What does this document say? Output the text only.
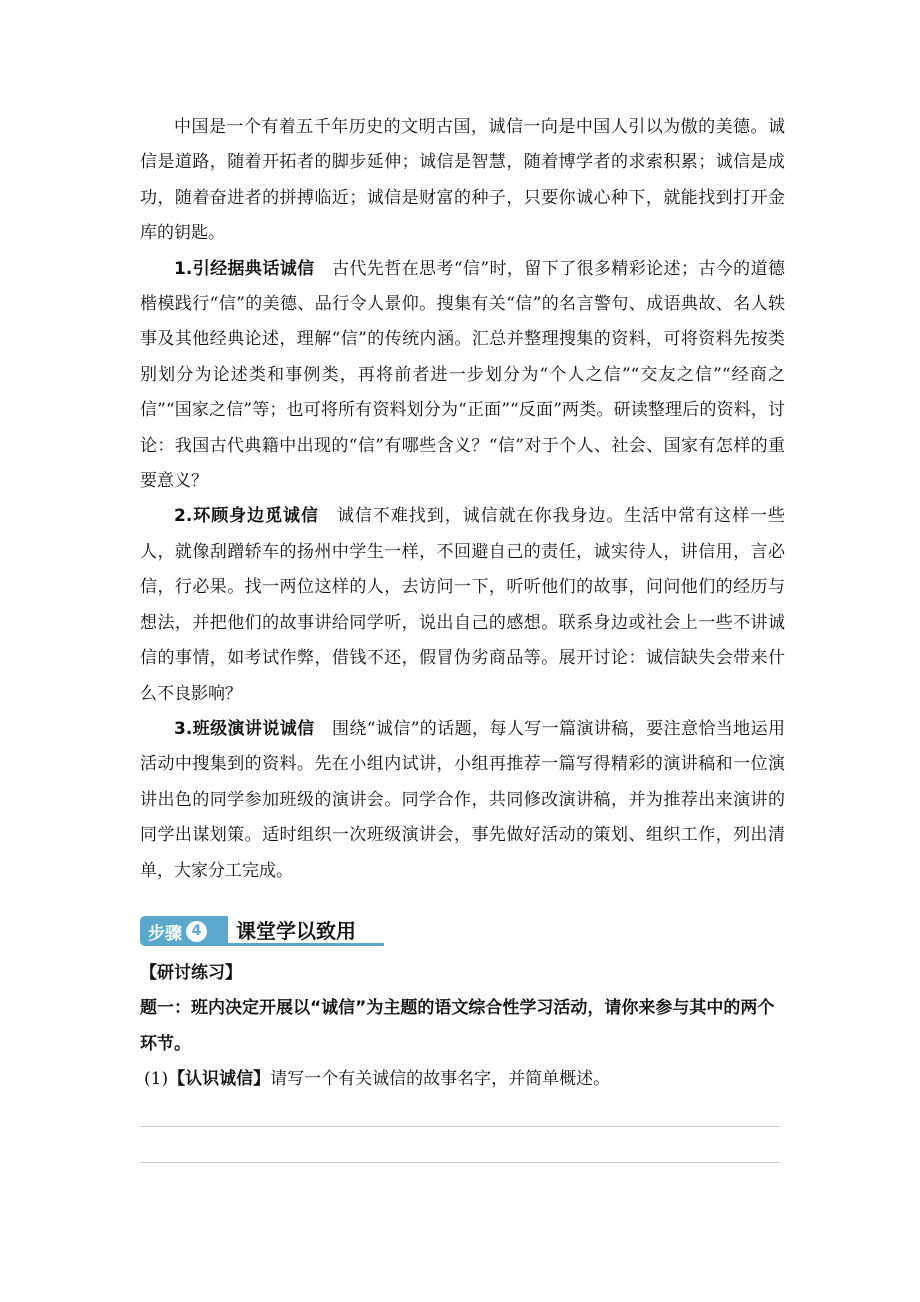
中国是一个有着五千年历史的文明古国，诚信一向是中国人引以为傲的美德。诚信是道路，随着开拓者的脚步延伸；诚信是智慧，随着博学者的求索积累；诚信是成功，随着奋进者的拼搏临近；诚信是财富的种子，只要你诚心种下，就能找到打开金库的钥匙。

1.引经据典话诚信 古代先哲在思考“信”时，留下了很多精彩论述；古今的道德楷模践行“信”的美德、品行令人景仰。搜集有关“信”的名言警句、成语典故、名人轶事及其他经典论述，理解“信”的传统内涵。汇总并整理搜集的资料，可将资料先按类别划分为论述类和事例类，再将前者进一步划分为“个人之信”“交友之信”“经商之信”“国家之信”等；也可将所有资料划分为“正面”“反面”两类。研读整理后的资料，讨论：我国古代典籍中出现的“信”有哪些含义？“信”对于个人、社会、国家有怎样的重要意义？

2.环顾身边觅诚信 诚信不难找到，诚信就在你我身边。生活中常有这样一些人，就像刮蹭轿车的扬州中学生一样，不回避自己的责任，诚实待人，讲信用，言必信，行必果。找一两位这样的人，去访问一下，听听他们的故事，问问他们的经历与想法，并把他们的故事讲给同学听，说出自己的感想。联系身边或社会上一些不讲诚信的事情，如考试作弊，借钱不还，假冒伪劣商品等。展开讨论：诚信缺失会带来什么不良影响？

3.班级演讲说诚信 围绕“诚信”的话题，每人写一篇演讲稿，要注意恰当地运用活动中搜集到的资料。先在小组内试讲，小组再推荐一篇写得精彩的演讲稿和一位演讲出色的同学参加班级的演讲会。同学合作，共同修改演讲稿，并为推荐出来演讲的同学出谋划策。适时组织一次班级演讲会，事先做好活动的策划、组织工作，列出清单，大家分工完成。

步骤 4	课堂学以致用

【研讨练习】

题一：班内决定开展以“诚信”为主题的语文综合性学习活动，请你来参与其中的两个环节。

(1)【认识诚信】请写一个有关诚信的故事名字，并简单概述。
